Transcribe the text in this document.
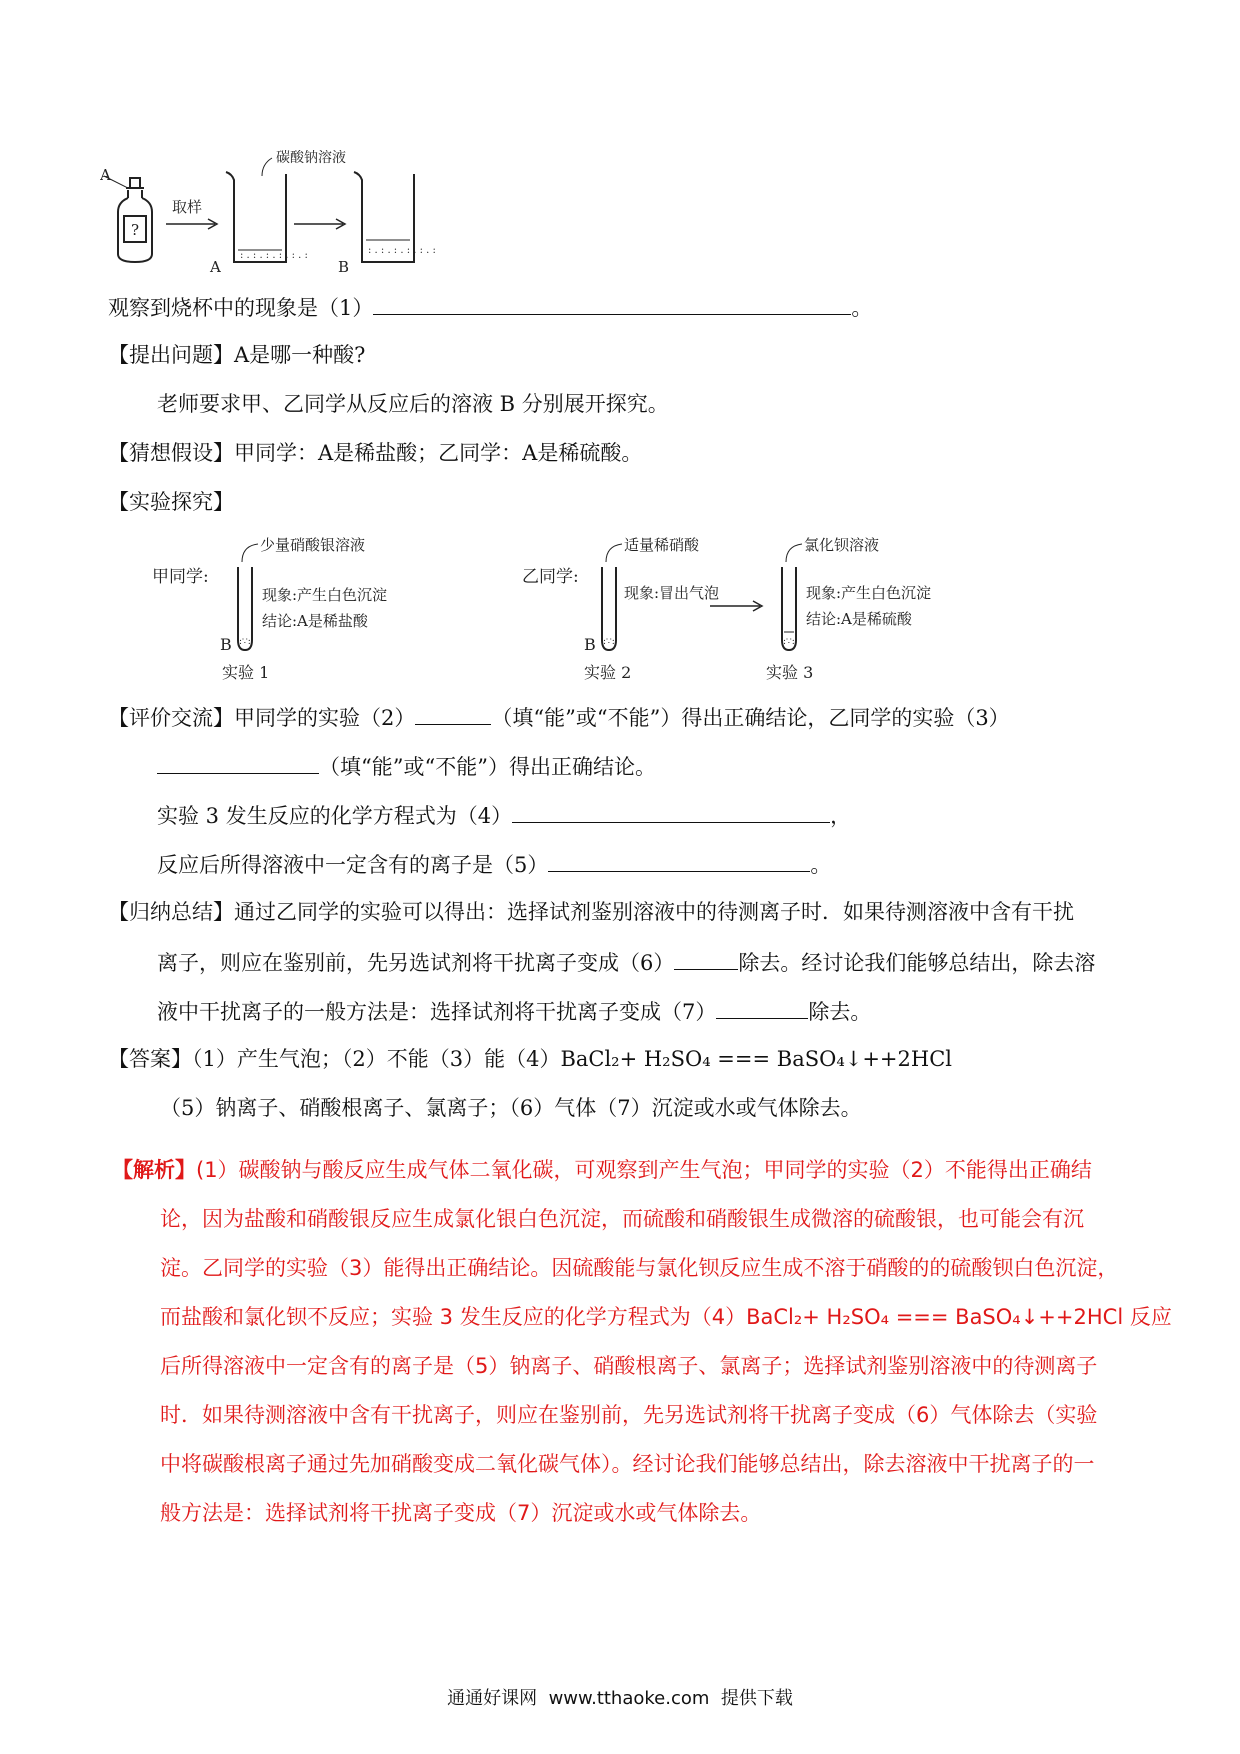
A
?
取样
: . : . : . : . : . :
A
碳酸钠溶液
: . : . : . : . : . :
B
观察到烧杯中的现象是（1）	。
【提出问题】A是哪一种酸?
老师要求甲、乙同学从反应后的溶液 B 分别展开探究。
【猜想假设】甲同学：A是稀盐酸；乙同学：A是稀硫酸。
【实验探究】
甲同学:
:∵:
B
少量硝酸银溶液
现象:产生白色沉淀
结论:A是稀盐酸
实验 1
乙同学:
:∵:
B
适量稀硝酸
现象:冒出气泡
实验 2
:∵:
氯化钡溶液
现象:产生白色沉淀
结论:A是稀硫酸
实验 3
【评价交流】甲同学的实验（2）	（填“能”或“不能”）得出正确结论，乙同学的实验（3）
（填“能”或“不能”）得出正确结论。
实验 3 发生反应的化学方程式为（4）	，
反应后所得溶液中一定含有的离子是（5）	。
【归纳总结】通过乙同学的实验可以得出：选择试剂鉴别溶液中的待测离子时．如果待测溶液中含有干扰
离子，则应在鉴别前，先另选试剂将干扰离子变成（6）	除去。经讨论我们能够总结出，除去溶
液中干扰离子的一般方法是：选择试剂将干扰离子变成（7）	除去。
【答案】（1）产生气泡；（2）不能（3）能（4）BaCl₂+ H₂SO₄ === BaSO₄↓++2HCl
（5）钠离子、硝酸根离子、氯离子；（6）气体（7）沉淀或水或气体除去。
【解析】(1）碳酸钠与酸反应生成气体二氧化碳，可观察到产生气泡；甲同学的实验（2）不能得出正确结
论，因为盐酸和硝酸银反应生成氯化银白色沉淀，而硫酸和硝酸银生成微溶的硫酸银，也可能会有沉
淀。乙同学的实验（3）能得出正确结论。因硫酸能与氯化钡反应生成不溶于硝酸的的硫酸钡白色沉淀，
而盐酸和氯化钡不反应；实验 3 发生反应的化学方程式为（4）BaCl₂+ H₂SO₄ === BaSO₄↓++2HCl 反应
后所得溶液中一定含有的离子是（5）钠离子、硝酸根离子、氯离子；选择试剂鉴别溶液中的待测离子
时．如果待测溶液中含有干扰离子，则应在鉴别前，先另选试剂将干扰离子变成（6）气体除去（实验
中将碳酸根离子通过先加硝酸变成二氧化碳气体）。经讨论我们能够总结出，除去溶液中干扰离子的一
般方法是：选择试剂将干扰离子变成（7）沉淀或水或气体除去。
通通好课网  www.tthaoke.com  提供下载
